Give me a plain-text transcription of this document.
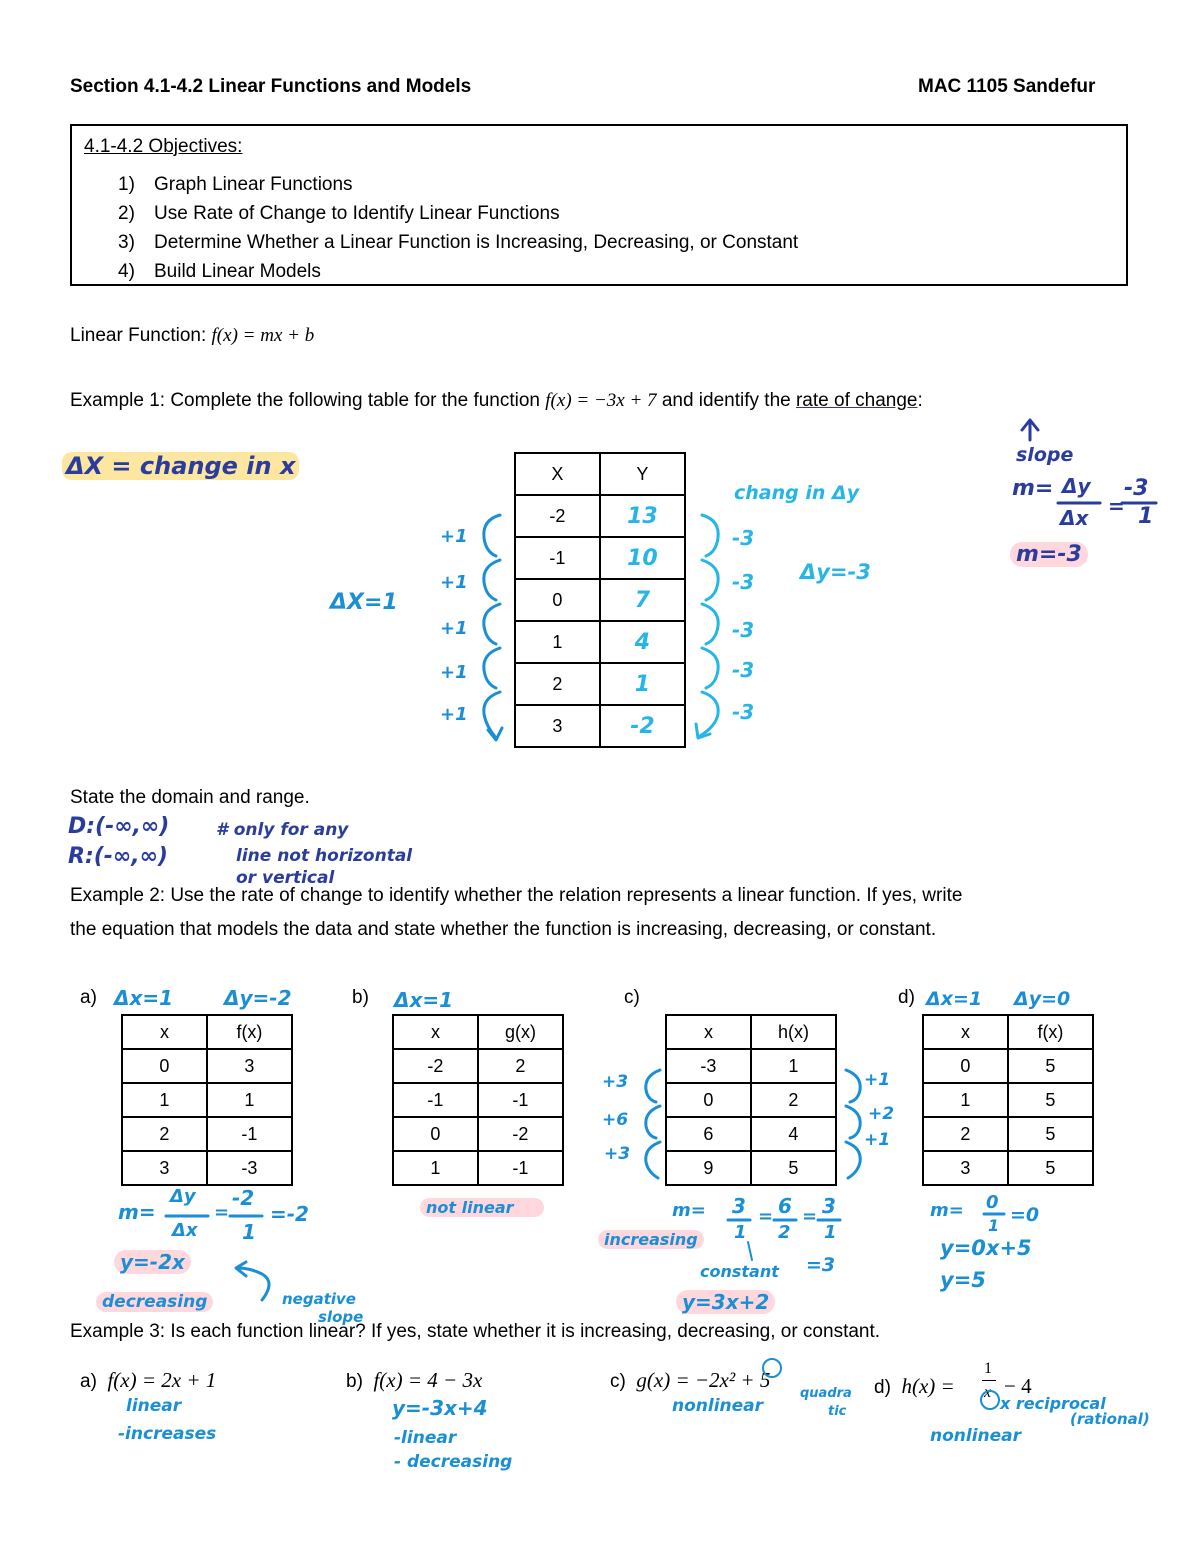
Section 4.1-4.2 Linear Functions and Models	MAC 1105 Sandefur
4.1-4.2 Objectives:
1) Graph Linear Functions
2) Use Rate of Change to Identify Linear Functions
3) Determine Whether a Linear Function is Increasing, Decreasing, or Constant
4) Build Linear Models
Linear Function: f(x) = mx + b
Example 1: Complete the following table for the function f(x) = −3x + 7 and identify the rate of change:
X	Y
-2	13
-1	10
0	7
1	4
2	1
3	-2
ΔX = change in x
+1
+1
+1
+1
+1
ΔX=1
chang in Δy
-3
-3
-3
-3
-3
Δy=-3
slope
m= Δy
Δx =
-3
1
m=-3
State the domain and range.
D:(-∞,∞)
R:(-∞,∞)
# only for any
line not horizontal
or vertical
Example 2: Use the rate of change to identify whether the relation represents a linear function. If yes, write
the equation that models the data and state whether the function is increasing, decreasing, or constant.
a)	b)	c)	d)
x	f(x)
0	3
1	1
2	-1
3	-3
x	g(x)
-2	2
-1	-1
0	-2
1	-1
x	h(x)
-3	1
0	2
6	4
9	5
x	f(x)
0	5
1	5
2	5
3	5
Δx=1	Δy=-2
m=
Δy
Δx
=
-2
1
=-2
y=-2x
decreasing	negative
slope
Δx=1
not linear
+3
+6
+3
+1
+2
+1
m= 3
1
= 6
2
= 3
1
increasing
constant =3
y=3x+2
Δx=1 Δy=0
m= 0
1 =0
y=0x+5
y=5
Example 3: Is each function linear? If yes, state whether it is increasing, decreasing, or constant.
a) f(x) = 2x + 1	b) f(x) = 4 − 3x	c) g(x) = −2x² + 5	d) h(x) =
1
x − 4
linear
-increases
y=-3x+4
-linear
- decreasing
nonlinear
quadra
tic	x reciprocal
(rational)
nonlinear
